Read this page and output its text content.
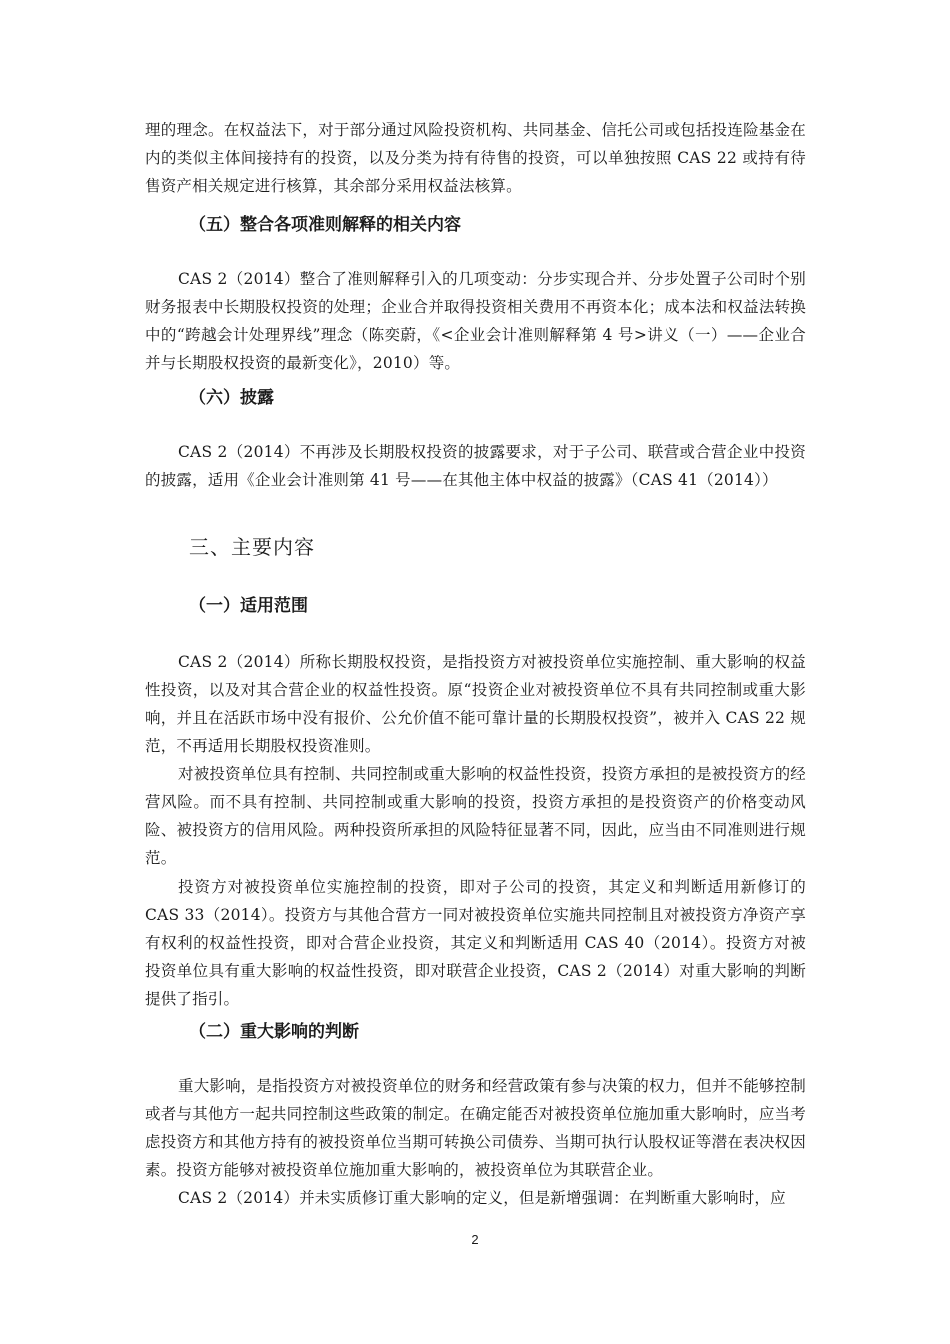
理的理念。在权益法下，对于部分通过风险投资机构、共同基金、信托公司或包括投连险基金在内的类似主体间接持有的投资，以及分类为持有待售的投资，可以单独按照 CAS 22 或持有待售资产相关规定进行核算，其余部分采用权益法核算。

（五）整合各项准则解释的相关内容

CAS 2（2014）整合了准则解释引入的几项变动：分步实现合并、分步处置子公司时个别财务报表中长期股权投资的处理；企业合并取得投资相关费用不再资本化；成本法和权益法转换中的“跨越会计处理界线”理念（陈奕蔚，《<企业会计准则解释第 4 号>讲义（一）——企业合并与长期股权投资的最新变化》，2010）等。

（六）披露

CAS 2（2014）不再涉及长期股权投资的披露要求，对于子公司、联营或合营企业中投资的披露，适用《企业会计准则第 41 号——在其他主体中权益的披露》（CAS 41（2014））

三、主要内容
（一）适用范围

CAS 2（2014）所称长期股权投资，是指投资方对被投资单位实施控制、重大影响的权益性投资，以及对其合营企业的权益性投资。原“投资企业对被投资单位不具有共同控制或重大影响，并且在活跃市场中没有报价、公允价值不能可靠计量的长期股权投资”，被并入 CAS 22 规范，不再适用长期股权投资准则。

对被投资单位具有控制、共同控制或重大影响的权益性投资，投资方承担的是被投资方的经营风险。而不具有控制、共同控制或重大影响的投资，投资方承担的是投资资产的价格变动风险、被投资方的信用风险。两种投资所承担的风险特征显著不同，因此，应当由不同准则进行规范。

投资方对被投资单位实施控制的投资，即对子公司的投资，其定义和判断适用新修订的 CAS 33（2014）。投资方与其他合营方一同对被投资单位实施共同控制且对被投资方净资产享有权利的权益性投资，即对合营企业投资，其定义和判断适用 CAS 40（2014）。投资方对被投资单位具有重大影响的权益性投资，即对联营企业投资，CAS 2（2014）对重大影响的判断提供了指引。

（二）重大影响的判断

重大影响，是指投资方对被投资单位的财务和经营政策有参与决策的权力，但并不能够控制或者与其他方一起共同控制这些政策的制定。在确定能否对被投资单位施加重大影响时，应当考虑投资方和其他方持有的被投资单位当期可转换公司债券、当期可执行认股权证等潜在表决权因素。投资方能够对被投资单位施加重大影响的，被投资单位为其联营企业。

CAS 2（2014）并未实质修订重大影响的定义，但是新增强调：在判断重大影响时，应

2
